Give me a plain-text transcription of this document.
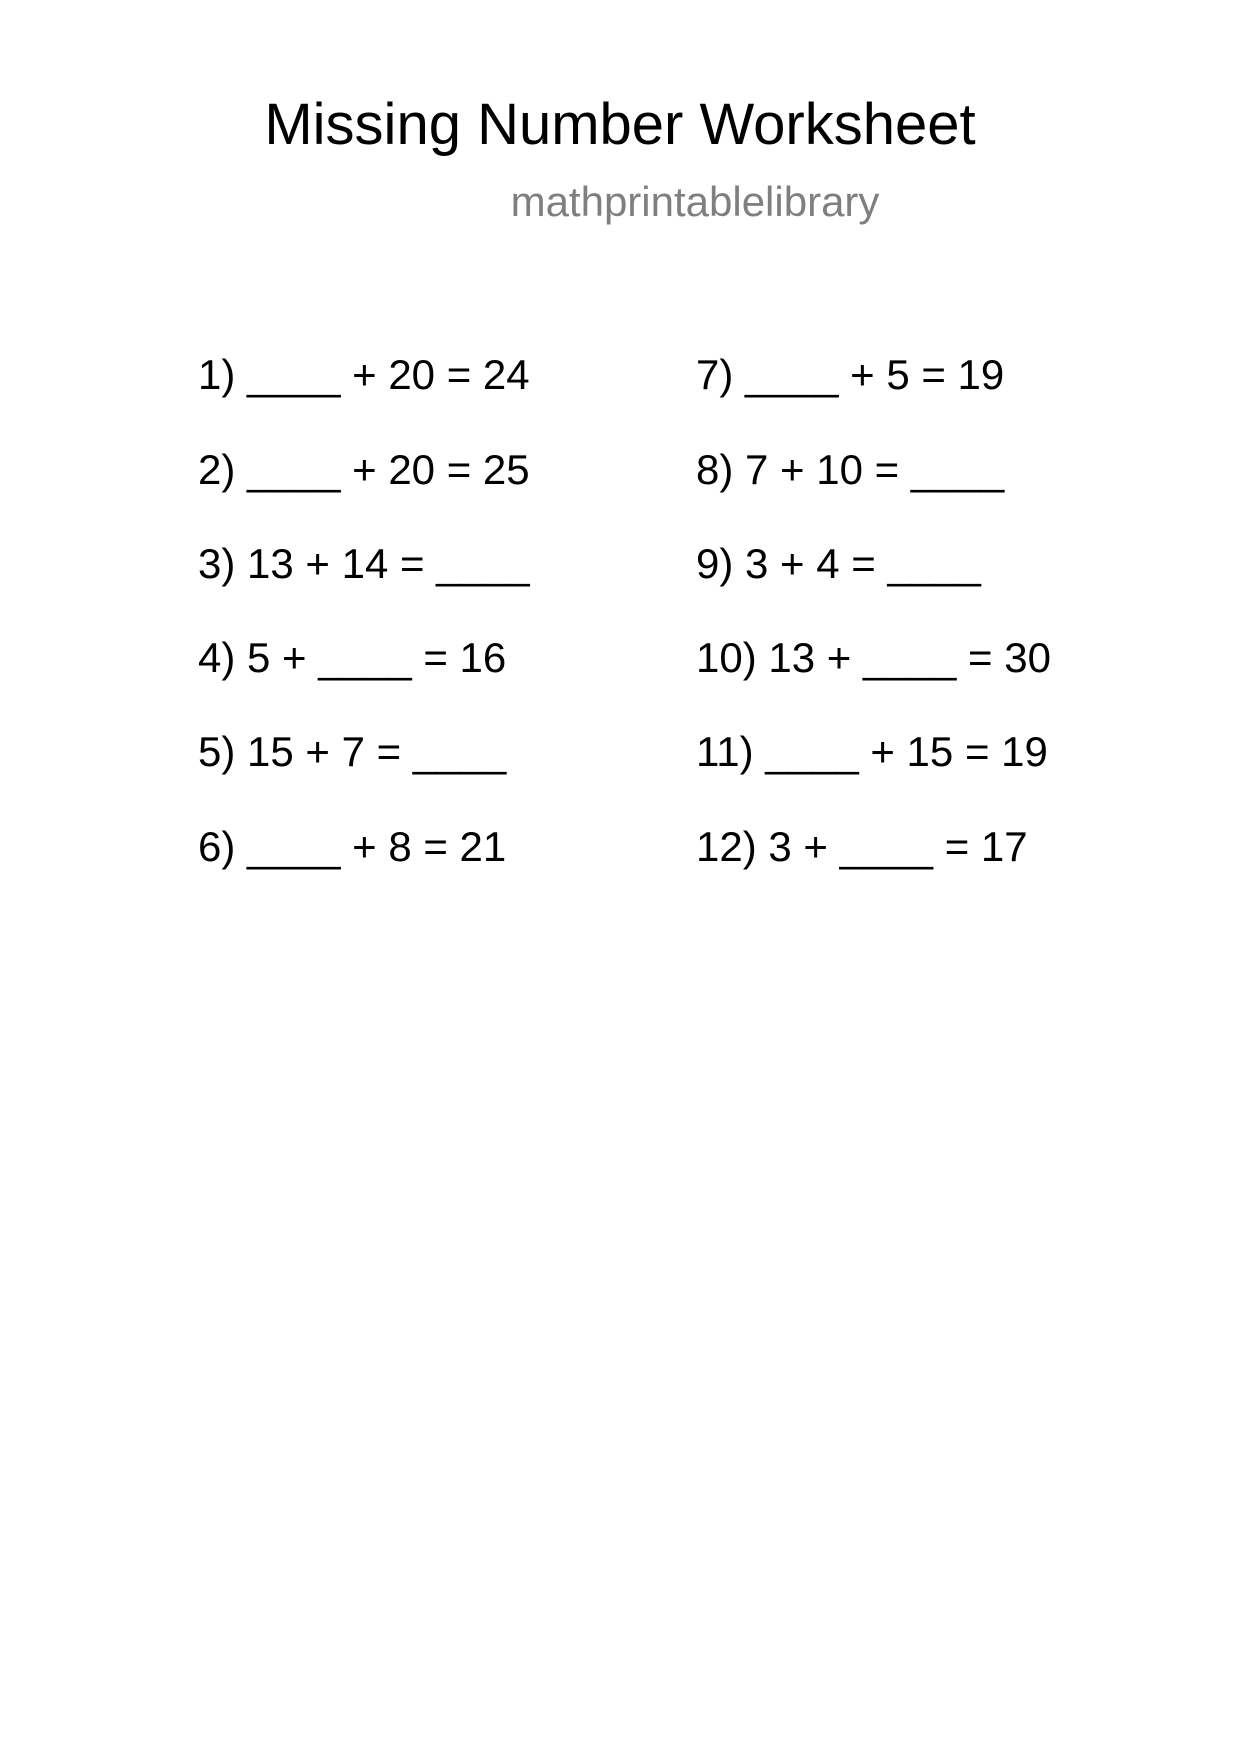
Missing Number Worksheet
mathprintablelibrary
1) ____ + 20 = 24
2) ____ + 20 = 25
3) 13 + 14 = ____
4) 5 + ____ = 16
5) 15 + 7 = ____
6) ____ + 8 = 21
7) ____ + 5 = 19
8) 7 + 10 = ____
9) 3 + 4 = ____
10) 13 + ____ = 30
11) ____ + 15 = 19
12) 3 + ____ = 17
